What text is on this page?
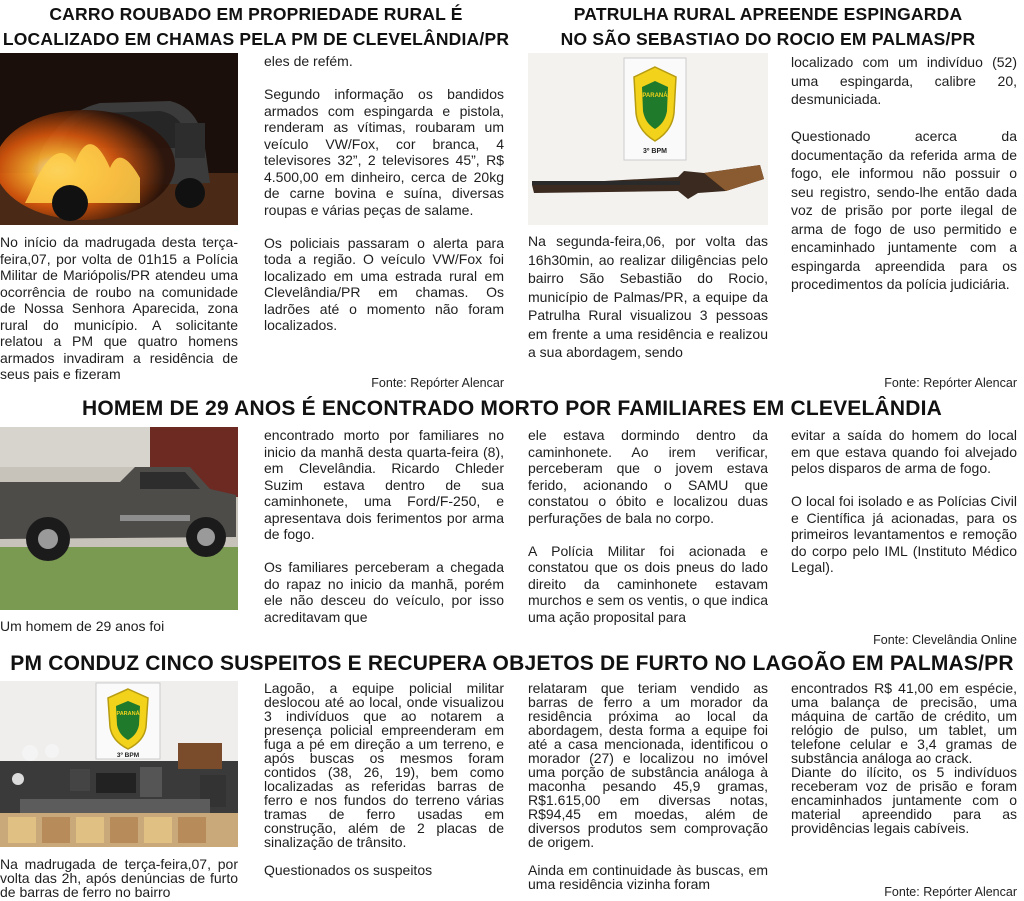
CARRO ROUBADO EM PROPRIEDADE RURAL É
LOCALIZADO EM CHAMAS PELA PM DE CLEVELÂNDIA/PR
No início da madrugada desta terça-feira,07, por volta de 01h15 a Polícia Militar de Mariópolis/PR atendeu uma ocorrência de roubo na comunidade de Nossa Senhora Aparecida, zona rural do município. A solicitante relatou a PM que quatro homens armados invadiram a residência de seus pais e fizeram
eles de refém.

Segundo informação os bandidos armados com espingarda e pistola, renderam as vítimas, roubaram um veículo VW/Fox, cor branca, 4 televisores 32”, 2 televisores 45”, R$ 4.500,00 em dinheiro, cerca de 20kg de carne bovina e suína, diversas roupas e várias peças de salame.

Os policiais passaram o alerta para toda a região. O veículo VW/Fox foi localizado em uma estrada rural em Clevelândia/PR em chamas. Os ladrões até o momento não foram localizados.
Fonte: Repórter Alencar
PATRULHA RURAL APREENDE ESPINGARDA
NO SÃO SEBASTIAO DO ROCIO EM PALMAS/PR
PARANÁ
3º BPM
Na segunda-feira,06, por volta das 16h30min, ao realizar diligências pelo bairro São Sebastião do Rocio, município de Palmas/PR, a equipe da Patrulha Rural visualizou 3 pessoas em frente a uma residência e realizou a sua abordagem, sendo
localizado com um indivíduo (52) uma espingarda, calibre 20, desmuniciada.

Questionado acerca da documentação da referida arma de fogo, ele informou não possuir o seu registro, sendo-lhe então dada voz de prisão por porte ilegal de arma de fogo de uso permitido e encaminhado juntamente com a espingarda apreendida para os procedimentos da polícia judiciária.
Fonte: Repórter Alencar
HOMEM DE 29 ANOS É ENCONTRADO MORTO POR FAMILIARES EM CLEVELÂNDIA
Um homem de 29 anos foi
encontrado morto por familiares no inicio da manhã desta quarta-feira (8), em Clevelândia. Ricardo Chleder Suzim estava dentro de sua caminhonete, uma Ford/F-250, e apresentava dois ferimentos por arma de fogo.

Os familiares perceberam a chegada do rapaz no inicio da manhã, porém ele não desceu do veículo, por isso acreditavam que
ele estava dormindo dentro da caminhonete. Ao irem verificar, perceberam que o jovem estava ferido, acionando o SAMU que constatou o óbito e localizou duas perfurações de bala no corpo.

A Polícia Militar foi acionada e constatou que os dois pneus do lado direito da caminhonete estavam murchos e sem os ventis, o que indica uma ação proposital para
evitar a saída do homem do local em que estava quando foi alvejado pelos disparos de arma de fogo.

O local foi isolado e as Polícias Civil e Científica já acionadas, para os primeiros levantamentos e remoção do corpo pelo IML (Instituto Médico Legal).
Fonte: Clevelândia Online
PM CONDUZ CINCO SUSPEITOS E RECUPERA OBJETOS DE FURTO NO LAGOÃO EM PALMAS/PR
PARANÁ
3º BPM
Na madrugada de terça-feira,07, por volta das 2h, após denúncias de furto de barras de ferro no bairro
Lagoão, a equipe policial militar deslocou até ao local, onde visualizou 3 indivíduos que ao notarem a presença policial empreenderam em fuga a pé em direção a um terreno, e após buscas os mesmos foram contidos (38, 26, 19), bem como localizadas as referidas barras de ferro e nos fundos do terreno várias tramas de ferro usadas em construção, além de 2 placas de sinalização de trânsito.

Questionados os suspeitos
relataram que teriam vendido as barras de ferro a um morador da residência próxima ao local da abordagem, desta forma a equipe foi até a casa mencionada, identificou o morador (27) e localizou no imóvel uma porção de substância análoga à maconha pesando 45,9 gramas, R$1.615,00 em diversas notas, R$94,45 em moedas, além de diversos produtos sem comprovação de origem.

Ainda em continuidade às buscas, em uma residência vizinha foram
encontrados R$ 41,00 em espécie, uma balança de precisão, uma máquina de cartão de crédito, um relógio de pulso, um tablet, um telefone celular e 3,4 gramas de substância análoga ao crack.
Diante do ilícito, os 5 indivíduos receberam voz de prisão e foram encaminhados juntamente com o material apreendido para as providências legais cabíveis.
Fonte: Repórter Alencar
